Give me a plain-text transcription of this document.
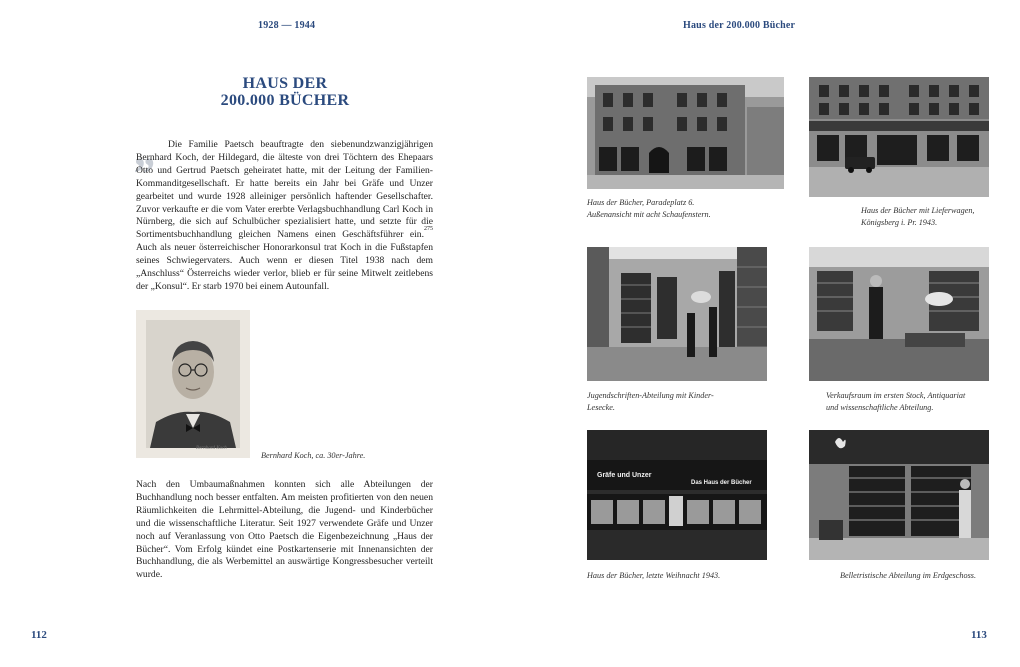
1928 — 1944	Haus der 200.000 Bücher
HAUS DER
200.000 BÜCHER
„	Die Familie Paetsch beauftragte den siebenundzwanzigjährigen Bernhard Koch, der Hildegard, die älteste von drei Töchtern des Ehepaars Otto und Gertrud Paetsch geheiratet hatte, mit der Leitung der Familien-Kommanditgesellschaft. Er hatte bereits ein Jahr bei Gräfe und Unzer gearbeitet und wurde 1928 alleiniger persönlich haftender Gesellschafter. Zuvor verkaufte er die vom Vater ererbte Verlagsbuchhandlung Carl Koch in Nürnberg, die sich auf Schulbücher spezialisiert hatte, und setzte für die Sortimentsbuchhandlung gleichen Namens einen Geschäftsführer ein.$^{275}$ Auch als neuer österreichischer Honorarkonsul trat Koch in die Fußstapfen seines Schwiegervaters. Auch wenn er diesen Titel 1938 nach dem „Anschluss“ Österreichs wieder verlor, blieb er für seine Mitwelt zeitlebens der „Konsul“. Er starb 1970 bei einem Autounfall.

Bernhard Koch
Bernhard Koch, ca. 30er-Jahre.

Nach den Umbaumaßnahmen konnten sich alle Abteilungen der Buchhandlung noch besser entfalten. Am meisten profitierten von den neuen Räumlichkeiten die Lehrmittel-Abteilung, die Jugend- und Kinderbücher und die wissenschaftliche Literatur. Seit 1927 verwendete Gräfe und Unzer noch auf Veranlassung von Otto Paetsch die Eigenbezeichnung „Haus der Bücher“. Vom Erfolg kündet eine Postkartenserie mit Innenansichten der Buchhandlung, die als Werbemittel an auswärtige Kongressbesucher verteilt wurde.

Haus der Bücher, Paradeplatz 6.
Außenansicht mit acht Schaufenstern.	Haus der Bücher mit Lieferwagen,
Königsberg i. Pr. 1943.
Jugendschriften-Abteilung mit Kinder-
Lesecke.
Verkaufsraum im ersten Stock, Antiquariat
und wissenschaftliche Abteilung.
Gräfe und Unzer
Das Haus der Bücher
Haus der Bücher, letzte Weihnacht 1943.	Belletristische Abteilung im Erdgeschoss.
112	113
